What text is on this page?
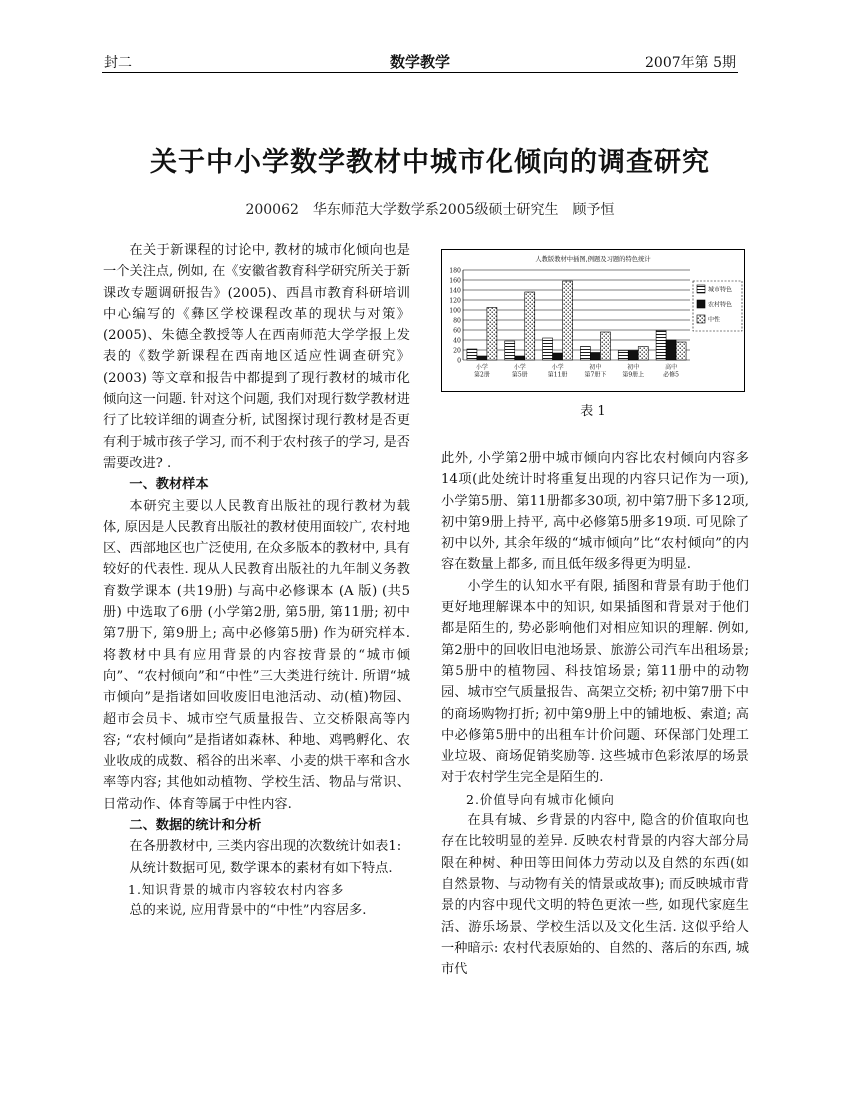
封二	数学教学	2007年第 5期
关于中小学数学教材中城市化倾向的调查研究
200062　华东师范大学数学系2005级硕士研究生　顾予恒

在关于新课程的讨论中, 教材的城市化倾向也是一个关注点, 例如, 在《安徽省教育科学研究所关于新课改专题调研报告》(2005)、西昌市教育科研培训中心编写的《彝区学校课程改革的现状与对策》(2005)、朱德全教授等人在西南师范大学学报上发表的《数学新课程在西南地区适应性调查研究》(2003) 等文章和报告中都提到了现行教材的城市化倾向这一问题. 针对这个问题, 我们对现行数学教材进行了比较详细的调查分析, 试图探讨现行教材是否更有利于城市孩子学习, 而不利于农村孩子的学习, 是否需要改进? .

一、教材样本

本研究主要以人民教育出版社的现行教材为载体, 原因是人民教育出版社的教材使用面较广, 农村地区、西部地区也广泛使用, 在众多版本的教材中, 具有较好的代表性. 现从人民教育出版社的九年制义务教育数学课本 (共19册) 与高中必修课本 (A 版) (共5册) 中选取了6册 (小学第2册, 第5册, 第11册; 初中第7册下, 第9册上; 高中必修第5册) 作为研究样本. 将教材中具有应用背景的内容按背景的“城市倾向”、“农村倾向”和“中性”三大类进行统计. 所谓“城市倾向”是指诸如回收废旧电池活动、动(植)物园、超市会员卡、城市空气质量报告、立交桥限高等内容; “农村倾向”是指诸如森林、种地、鸡鸭孵化、农业收成的成数、稻谷的出米率、小麦的烘干率和含水率等内容; 其他如动植物、学校生活、物品与常识、日常动作、体育等属于中性内容.

二、数据的统计和分析

在各册教材中, 三类内容出现的次数统计如表1:

从统计数据可见, 数学课本的素材有如下特点.

1.知识背景的城市内容较农村内容多

总的来说, 应用背景中的“中性”内容居多.

人教版教材中插图,例题及习题的特色统计
0
20
40
60
80
100
120
140
160
180
小学
第2册
小学
第5册
小学
第11册
初中
第7册下
初中
第9册上
高中
必修5
城市特色
农村特色
中性
表 1

此外, 小学第2册中城市倾向内容比农村倾向内容多14项(此处统计时将重复出现的内容只记作为一项), 小学第5册、第11册都多30项, 初中第7册下多12项, 初中第9册上持平, 高中必修第5册多19项. 可见除了初中以外, 其余年级的“城市倾向”比“农村倾向”的内容在数量上都多, 而且低年级多得更为明显.

小学生的认知水平有限, 插图和背景有助于他们更好地理解课本中的知识, 如果插图和背景对于他们都是陌生的, 势必影响他们对相应知识的理解. 例如, 第2册中的回收旧电池场景、旅游公司汽车出租场景; 第5册中的植物园、科技馆场景; 第11册中的动物园、城市空气质量报告、高架立交桥; 初中第7册下中的商场购物打折; 初中第9册上中的铺地板、索道; 高中必修第5册中的出租车计价问题、环保部门处理工业垃圾、商场促销奖励等. 这些城市色彩浓厚的场景对于农村学生完全是陌生的.

2.价值导向有城市化倾向

在具有城、乡背景的内容中, 隐含的价值取向也存在比较明显的差异. 反映农村背景的内容大部分局限在种树、种田等田间体力劳动以及自然的东西(如自然景物、与动物有关的情景或故事); 而反映城市背景的内容中现代文明的特色更浓一些, 如现代家庭生活、游乐场景、学校生活以及文化生活. 这似乎给人一种暗示: 农村代表原始的、自然的、落后的东西, 城市代
